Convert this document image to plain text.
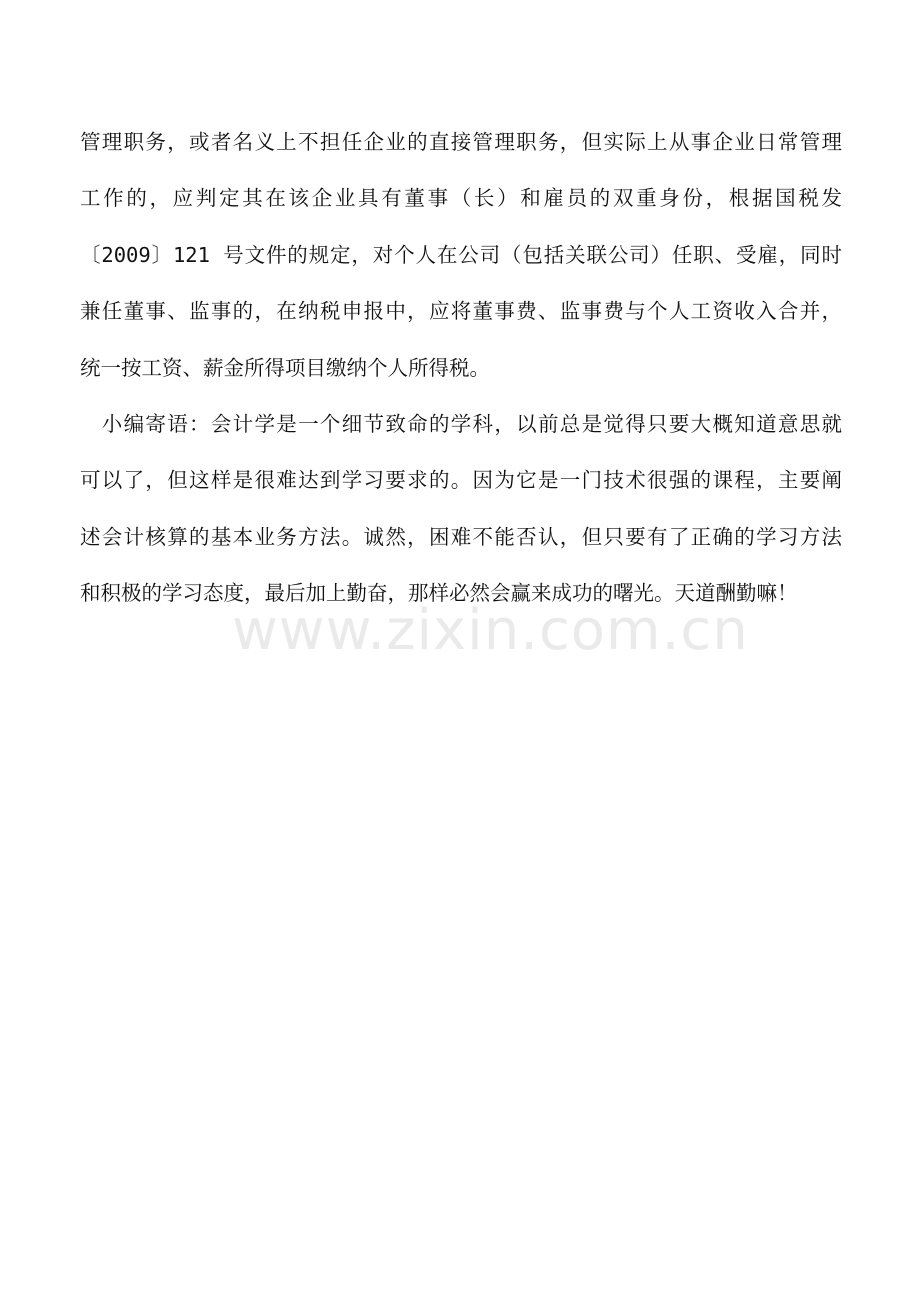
管理职务，或者名义上不担任企业的直接管理职务，但实际上从事企业日常管理
工作的，应判定其在该企业具有董事（长）和雇员的双重身份，根据国税发
〔2009〕121 号文件的规定，对个人在公司（包括关联公司）任职、受雇，同时
兼任董事、监事的，在纳税申报中，应将董事费、监事费与个人工资收入合并，
统一按工资、薪金所得项目缴纳个人所得税。
　小编寄语：会计学是一个细节致命的学科，以前总是觉得只要大概知道意思就
可以了，但这样是很难达到学习要求的。因为它是一门技术很强的课程，主要阐
述会计核算的基本业务方法。诚然，困难不能否认，但只要有了正确的学习方法
和积极的学习态度，最后加上勤奋，那样必然会赢来成功的曙光。天道酬勤嘛！
www.zixin.com.cn
